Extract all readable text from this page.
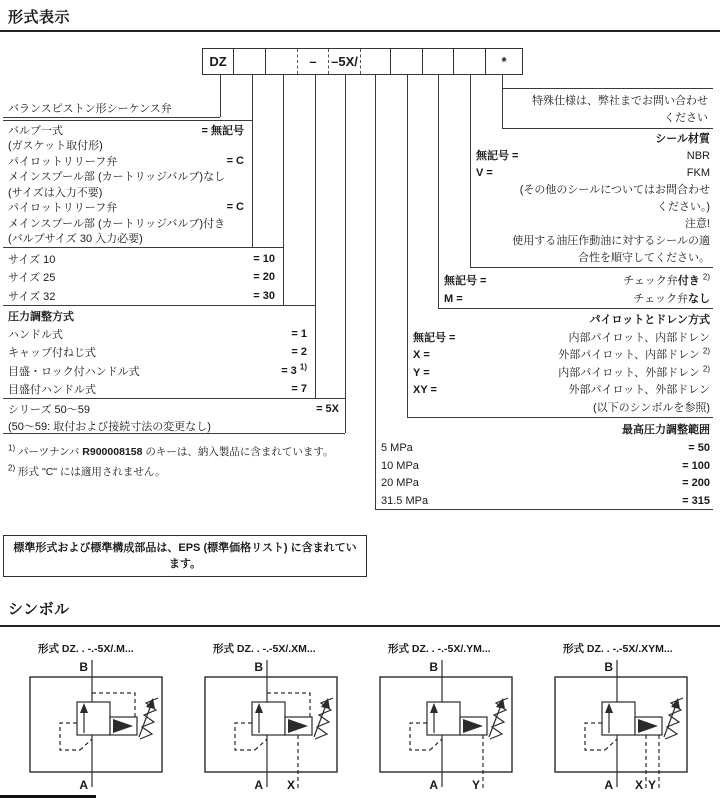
形式表示
DZ	–	–5X/	*
バランスピストン形シーケンス弁
バルブ一式	= 無記号
(ガスケット取付形)
パイロットリリーフ弁	= C
メインスプール部 (カートリッジバルブ)なし
(サイズは入力不要)
パイロットリリーフ弁	= C
メインスプール部 (カートリッジバルブ)付き
(バルブサイズ 30 入力必要)
サイズ 10	= 10
サイズ 25	= 20
サイズ 32	= 30
圧力調整方式
ハンドル式	= 1
キャップ付ねじ式	= 2
目盛・ロック付ハンドル式	= 3 $^{1)}$
目盛付ハンドル式	= 7
シリーズ 50〜59	= 5X
(50〜59: 取付および接続寸法の変更なし)
特殊仕様は、弊社までお問い合わせ
ください
シール材質
無記号 =	NBR
V =	FKM
(その他のシールについてはお問合わせ
ください。)
注意!
使用する油圧作動油に対するシールの適
合性を順守してください。
無記号 =	チェック弁付き $^{2)}$
M =	チェック弁なし
パイロットとドレン方式
無記号 =	内部パイロット、内部ドレン
X =	外部パイロット、内部ドレン $^{2)}$
Y =	内部パイロット、外部ドレン $^{2)}$
XY =	外部パイロット、外部ドレン
(以下のシンボルを参照)
最高圧力調整範囲
5 MPa	= 50
10 MPa	= 100
20 MPa	= 200
31.5 MPa	= 315
$^{1)}$ パーツナンバ R900008158 のキーは、納入製品に含まれています。
$^{2)}$ 形式 "C" には適用されません。
標準形式および標準構成部品は、EPS (標準価格リスト) に含まれています。
シンボル
形式 DZ. . -.-5X/.M...	形式 DZ. . -.-5X/.XM...	形式 DZ. . -.-5X/.YM...	形式 DZ. . -.-5X/.XYM...
B
A
B
A X
B
A	Y
B
A X Y
